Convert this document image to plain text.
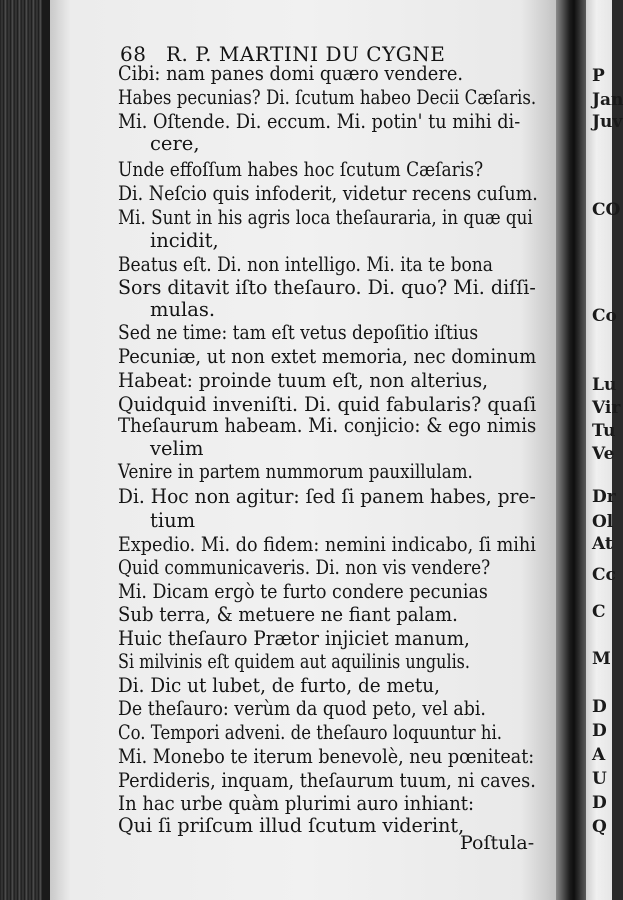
68 R. P. MARTINI DU CYGNE
Cibi: nam panes domi quæro vendere.
Habes pecunias? Di. ſcutum habeo Decii Cæſaris.
Mi. Oſtende. Di. eccum. Mi. potin' tu mihi di-
cere,
Unde effoſſum habes hoc ſcutum Cæſaris?
Di. Neſcio quis infoderit, videtur recens cuſum.
Mi. Sunt in his agris loca theſauraria, in quæ qui
incidit,
Beatus eſt. Di. non intelligo. Mi. ita te bona
Sors ditavit iſto theſauro. Di. quo? Mi. diſſi-
mulas.
Sed ne time: tam eſt vetus depoſitio iſtius
Pecuniæ, ut non extet memoria, nec dominum
Habeat: proinde tuum eſt, non alterius,
Quidquid inveniſti. Di. quid fabularis? quaſi
Theſaurum habeam. Mi. conjicio: & ego nimis
velim
Venire in partem nummorum pauxillulam.
Di. Hoc non agitur: ſed ſi panem habes, pre-
tium
Expedio. Mi. do fidem: nemini indicabo, ſi mihi
Quid communicaveris. Di. non vis vendere?
Mi. Dicam ergò te furto condere pecunias
Sub terra, & metuere ne fiant palam.
Huic theſauro Prætor injiciet manum,
Si milvinis eſt quidem aut aquilinis ungulis.
Di. Dic ut lubet, de furto, de metu,
De theſauro: verùm da quod peto, vel abi.
Co. Tempori adveni. de theſauro loquuntur hi.
Mi. Monebo te iterum benevolè, neu pœniteat:
Perdideris, inquam, theſaurum tuum, ni caves.
In hac urbe quàm plurimi auro inhiant:
Qui ſi priſcum illud ſcutum viderint,
Poſtula-
P
Jan
Juv
CO
Co
Lu
Vir
Tu
Ve
Dr
Ol
At
Cc
C
M
D
D
A
U
D
Q
